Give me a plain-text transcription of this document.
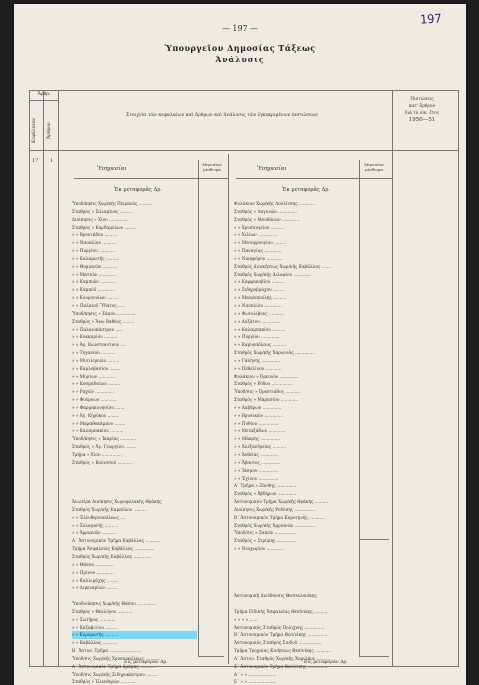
— 197 —
197
Ὑπουργεῖον Δημοσίας Τάξεως
Ἀνάλυσις
Ἄρθρ.
Κεφάλαιον Ἄρθρον
Στοιχεῖα τῶν κεφαλαίων καὶ ἄρθρων καὶ ἀνάλυσις τῶν ἐγκεκριμένων πιστώσεων
Πιστώσεις
κατ' ἄρθρον
διὰ τὸ οἰκ. ἔτος
1950—51
17 1
Ὑπηρεσίαι
Μηνιαῖον μίσθωμα
Ἐκ μεταφορᾶς Δρ.
Ὑποδ/κησις Χωρ/κῆς Πειραιῶς ..........
Σταθμὸς » Σαλαμῖνος ..........
Διοίκησις » Χίου ..............
Σταθμὸς » Καρδαμύλων .........
» » Βροντάδου ..........
» » Ναυπλίου ...........
» » Πυργίου ............
» » Καλαμωτῆς ..........
» » Θυμιανῶν ...........
» » Μεστῶν .............
» » Καμπιῶν ............
» » Καμποῦ .............
» » Κουρουνίων .........
» » Παλαιοῦ Ὕδατος ......
Ὑποδ/κησις » Σάμου ..............
Σταθμὸς » Ἄνω Βαθέος .........
» » Παλαιοκάστρου ......
» » Κοκκαρίου ..........
» » Ἁγ. Κωνσταντίνου ....
» » Τηγανίου ...........
» » Μυτιληνιῶν .........
» » Καρλοβασίου ........
» » Μύρτων .............
» » Κοσμαδαίων .........
» » Ραχῶν ..............
» » Φούρνων ............
» » Φαρμακονησίου .......
» » Ἀγ. Κηρύκου .........
» » Μαραθοκάμπου ........
» » Καλαμπακίου ..........
Ὑποδ/κησις » Ἱκαρίας ............
Σταθμὸς » Ἁγ. Γεωργίου ........
Τμῆμα » Χίου ...............
Σταθμὸς » Βολισσοῦ ...........
Ἀνωτέρα Διοίκησις Χωροφυλακῆς Θράκης
Σταθμὸς Χωρ/κῆς Καμπύλου ..........
» » Ἐλευθερουπόλεως ....
» » Ξυλαγανῆς ..........
» » Ἀρριανῶν ...........
Α΄ Ἀστυνομικὸν Τμῆμα Καβάλλας ...........
Τμῆμα Ἀσφαλείας Καβάλλας ...............
Σταθμὸς Χωρ/κῆς Καβάλλας .............
» » Θάσου ..............
» » Πρίνου .............
» » Καλλιράχης .........
» » Λιμεναρίων .........
Ὑποδιοίκησις Χωρ/κῆς Θάσου ..............
Σταθμὸς » Θεολόγου ...........
» » Σωτῆρος ............
» » Καζαβιτίου .........
» » Κεραμωτῆς ..........
» » Καβάλλας ...........
Β΄ Ἀστυν. Τμῆμα ........................
Ὑποδ/σις Χωρ/κῆς Χρυσουπόλεως ...........
Α΄ Ἀστυνομικὸν Τμῆμα Δράμας ............
Ὑποδ/σις Χωρ/κῆς Σιδηροκάστρου .........
Σταθμὸς » Ἐλευθερῶν ...........
Εἰς μεταφορὰν Δρ.
Ὑπηρεσίαι
Μηνιαῖον μίσθωμα
Ἐκ μεταφορᾶς Δρ.
Φυλάκιον Χωρ/κῆς Λουλίτσης ............
Σταθμὸς » Λαγυνῶν ..............
Σταθμὸς » Μουδάνων .............
» » Χρυσαυγείου ..........
» » Χιλίων ...............
» » Μεσορρουγίου .........
» » Παναγίας .............
» » Νικηφόρου ............
Σταθμὸς Διοικήσεως Χωρ/κῆς Καβάλλας .......
Σταθμὸς Χωρ/κῆς Διλοφίου .............
» » Καρφακοβίου ..........
» » Σιδηροβράχου .........
» » Μαυροπούλης ..........
» » Ναυπλίου .............
» » Φωτολίβους ...........
» » Δοξάτου ..............
» » Καλαμπακίου ..........
» » Πυργίου ..............
» » Καρυοπόλεως ..........
Σταθμὸς Χωρ/κῆς Χαρωνιᾶς ...............
» » Γαλήνης ..............
» » Πεθελίνου ............
Φυλάκιον » Ὀρεινῶν ..............
Σταθμὸς » Ρόδου ................
Ὑποδ/σις » Ὀρεστιάδος ...........
Σταθμὸς » Μαρασίου .............
» » Λαβάρων ..............
» » Βρυσικῶν ..............
» » Πυθίου ...............
» » Μεταξάδων .............
» » Μάκρης ...............
» » Ἀλεξανδρείας ..........
» » Ἀνθείας ..............
» » Ἄβαντος ..............
» » Ἰάσμου ...............
» » Ἐχίνου ...............
Α΄ Τμῆμα » Ξάνθης ...............
Σταθμὸς » Ἀβδήρων ..............
Ἀστυνομικὸν Τμῆμα Χωρ/κῆς Θράκης ..........
Διοίκησις Χωρ/κῆς Ροδόπης ................
Β΄ Ἀστυνομικὸν Τμῆμα Κομοτηνῆς ............
Σταθμὸς Χωρ/κῆς Ἀρριανῶν ................
Ὑποδ/σις » Σαπῶν ................
Σταθμὸς » Στρύμης ...............
» » Νεοχωρίου .............
Ἀστυνομικὴ Διεύθυνσις Θεσσαλονίκης
Τμῆμα Εἰδικῆς Ἀσφαλείας Θεσ/νίκης ..........
» » » » ......
Ἀστυνομικὸς Σταθμὸς Πολίχνης ...............
Β΄ Ἀστυνομικὸν Τμῆμα Θεσ/νίκης ...............
Ἀστυνομικὸς Σταθμὸς Σινδοῦ .................
Τμῆμα Τροχαίας Κινήσεως Θεσ/νίκης ............
Α΄ Ἀστυν. Σταθμὸς Χωρ/κῆς Χαριλάου ..........
Σ΄ Ἀστυνομικὸν Τμῆμα Θεσ/νίκης ...............
Δ΄ » » .....................
Ε΄ » » .....................
Εἰς μεταφορὰν Δρ.
